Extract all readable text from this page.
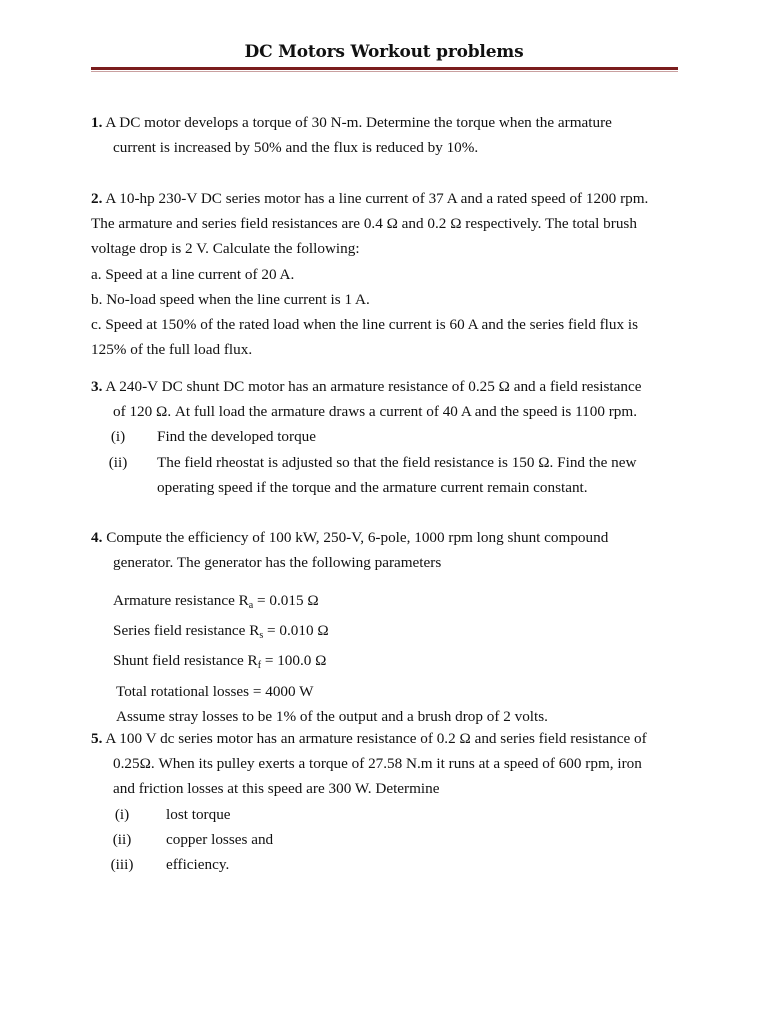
DC Motors Workout problems

1. A DC motor develops a torque of 30 N-m. Determine the torque when the armature

current is increased by 50% and the flux is reduced by 10%.

2. A 10-hp 230-V DC series motor has a line current of 37 A and a rated speed of 1200 rpm.

The armature and series field resistances are 0.4 Ω and 0.2 Ω respectively. The total brush

voltage drop is 2 V. Calculate the following:

a. Speed at a line current of 20 A.

b. No-load speed when the line current is 1 A.

c. Speed at 150% of the rated load when the line current is 60 A and the series field flux is

125% of the full load flux.

3. A 240-V DC shunt DC motor has an armature resistance of 0.25 Ω and a field resistance

of 120 Ω. At full load the armature draws a current of 40 A and the speed is 1100 rpm.

(i)	Find the developed torque

(ii)	The field rheostat is adjusted so that the field resistance is 150 Ω. Find the new

operating speed if the torque and the armature current remain constant.

4. Compute the efficiency of 100 kW, 250-V, 6-pole, 1000 rpm long shunt compound

generator. The generator has the following parameters

Armature resistance $R_a = 0.015$ Ω

Series field resistance $R_s = 0.010$ Ω

Shunt field resistance $R_f = 100.0$ Ω

Total rotational losses = 4000 W

Assume stray losses to be 1% of the output and a brush drop of 2 volts.

5. A 100 V dc series motor has an armature resistance of 0.2 Ω and series field resistance of

0.25Ω. When its pulley exerts a torque of 27.58 N.m it runs at a speed of 600 rpm, iron

and friction losses at this speed are 300 W. Determine

(i)	lost torque

(ii)	copper losses and

(iii)	efficiency.
